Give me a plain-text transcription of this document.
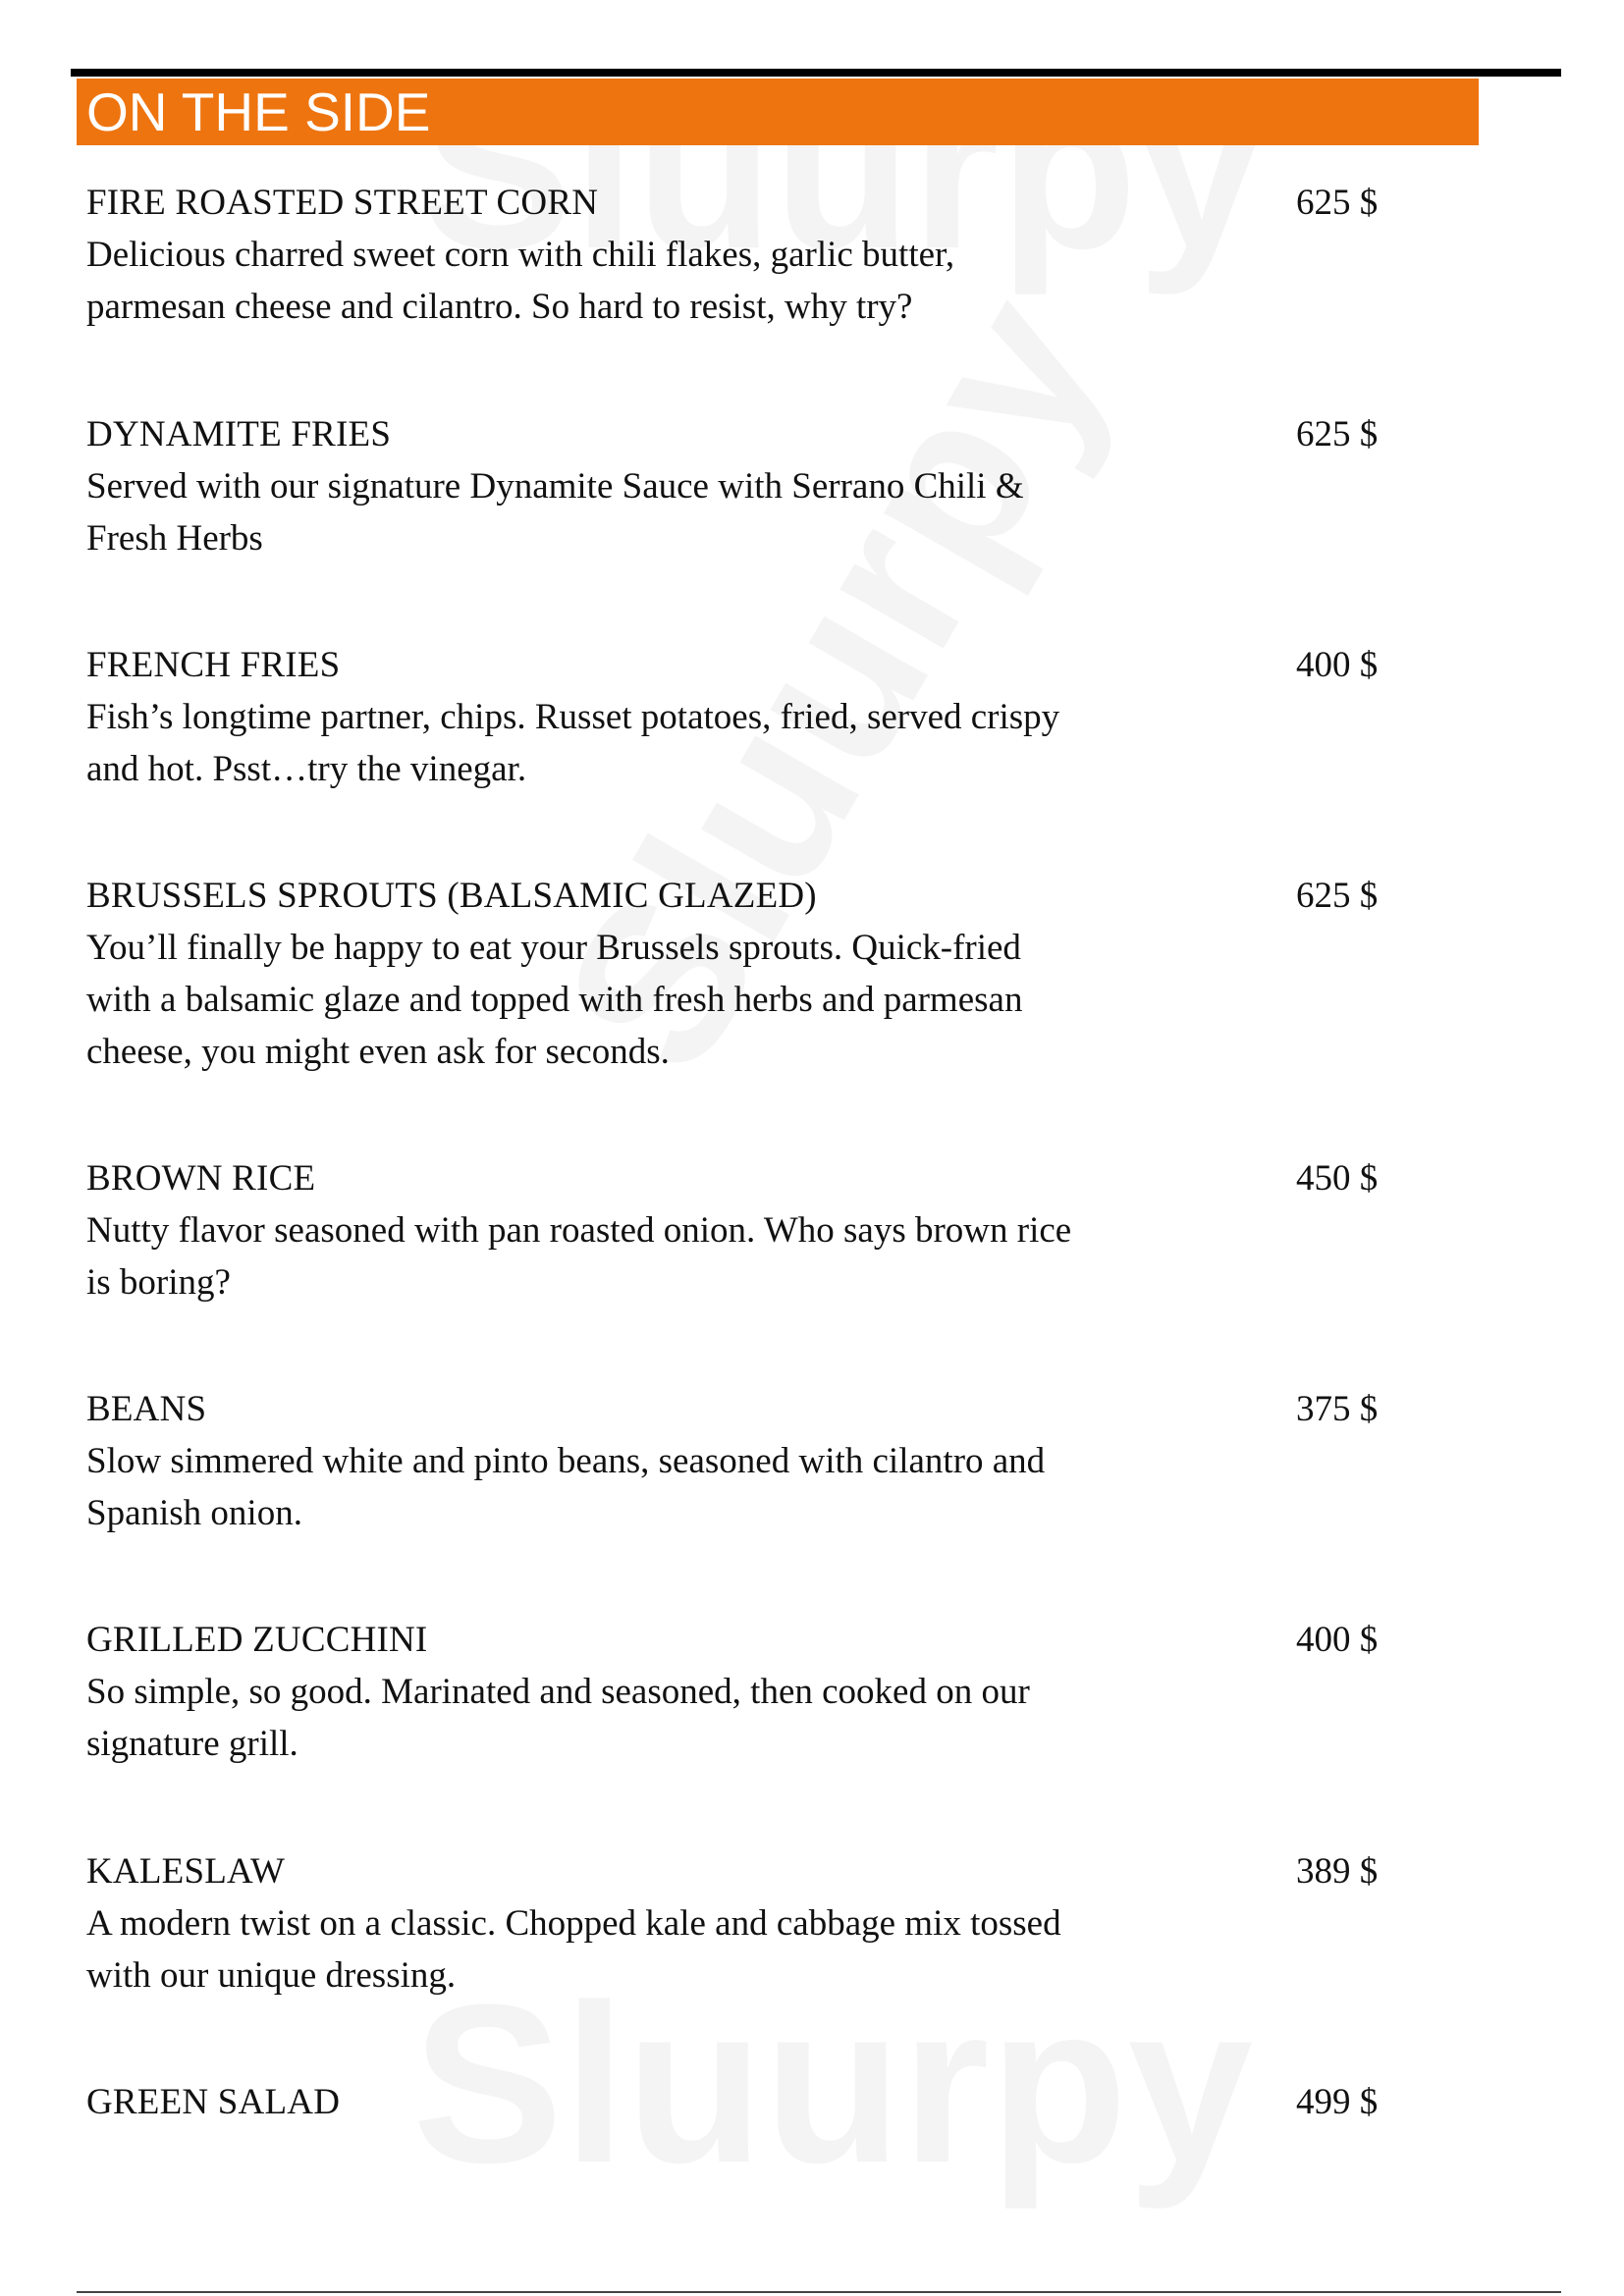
ON THE SIDE
FIRE ROASTED STREET CORN
Delicious charred sweet corn with chili flakes, garlic butter,
parmesan cheese and cilantro. So hard to resist, why try?
625 $
DYNAMITE FRIES
Served with our signature Dynamite Sauce with Serrano Chili &
Fresh Herbs
625 $
FRENCH FRIES
Fish’s longtime partner, chips. Russet potatoes, fried, served crispy
and hot. Psst…try the vinegar.
400 $
BRUSSELS SPROUTS (BALSAMIC GLAZED)
You’ll finally be happy to eat your Brussels sprouts. Quick-fried
with a balsamic glaze and topped with fresh herbs and parmesan
cheese, you might even ask for seconds.
625 $
BROWN RICE
Nutty flavor seasoned with pan roasted onion. Who says brown rice
is boring?
450 $
BEANS
Slow simmered white and pinto beans, seasoned with cilantro and
Spanish onion.
375 $
GRILLED ZUCCHINI
So simple, so good. Marinated and seasoned, then cooked on our
signature grill.
400 $
KALESLAW
A modern twist on a classic. Chopped kale and cabbage mix tossed
with our unique dressing.
389 $
GREEN SALAD	499 $
